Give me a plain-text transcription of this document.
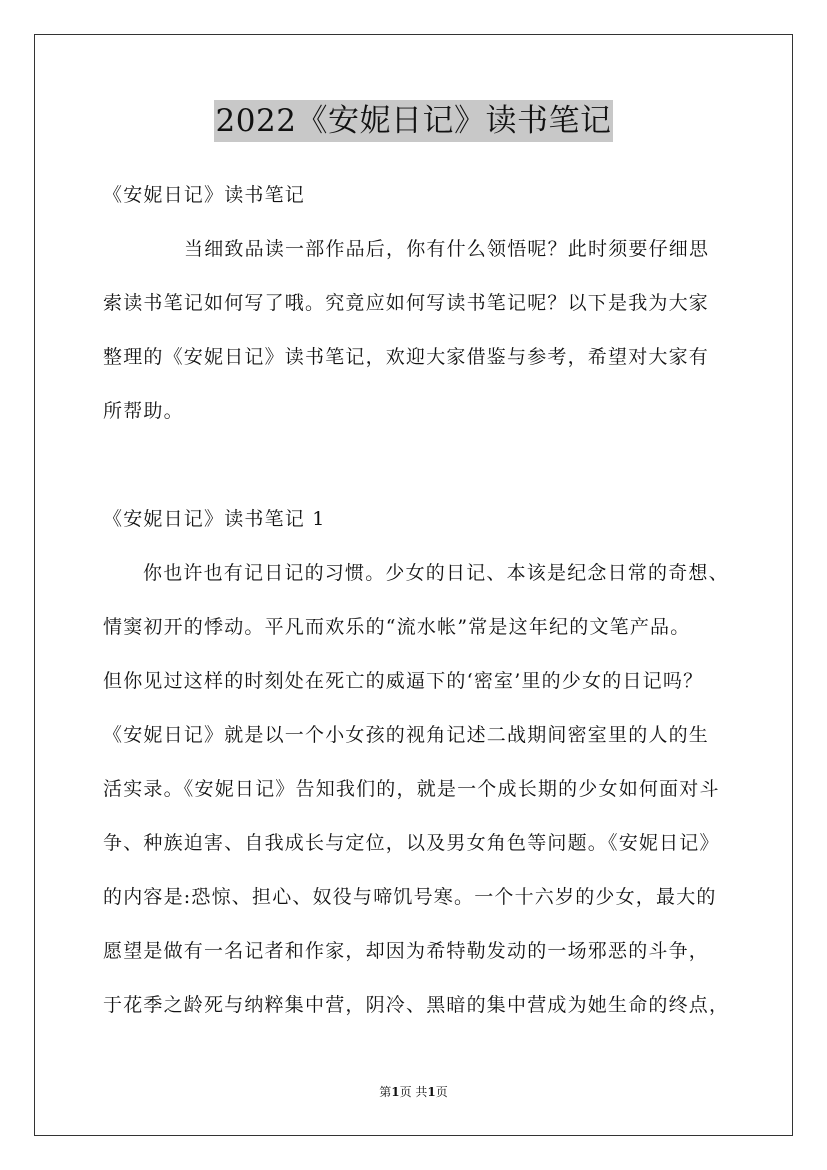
2022《安妮日记》读书笔记
《安妮日记》读书笔记
当细致品读一部作品后，你有什么领悟呢？此时须要仔细思
索读书笔记如何写了哦。究竟应如何写读书笔记呢？以下是我为大家
整理的《安妮日记》读书笔记，欢迎大家借鉴与参考，希望对大家有
所帮助。
《安妮日记》读书笔记 1
你也许也有记日记的习惯。少女的日记、本该是纪念日常的奇想、
情窦初开的悸动。平凡而欢乐的“流水帐”常是这年纪的文笔产品。
但你见过这样的时刻处在死亡的威逼下的‘密室’里的少女的日记吗？
《安妮日记》就是以一个小女孩的视角记述二战期间密室里的人的生
活实录。《安妮日记》告知我们的，就是一个成长期的少女如何面对斗
争、种族迫害、自我成长与定位，以及男女角色等问题。《安妮日记》
的内容是:恐惊、担心、奴役与啼饥号寒。一个十六岁的少女，最大的
愿望是做有一名记者和作家，却因为希特勒发动的一场邪恶的斗争，
于花季之龄死与纳粹集中营，阴冷、黑暗的集中营成为她生命的终点，
第1页 共1页
